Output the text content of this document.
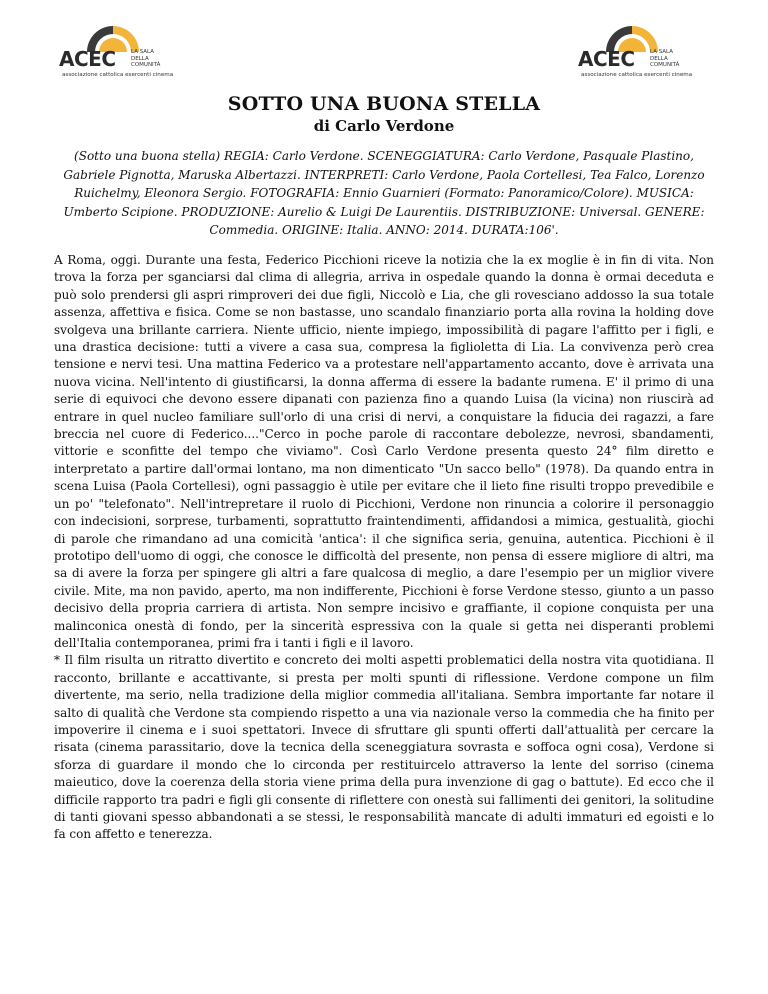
ACEC	LA SALA DELLA COMUNITÀ
associazione cattolica esercenti cinema
ACEC	LA SALA DELLA COMUNITÀ
associazione cattolica esercenti cinema
SOTTO UNA BUONA STELLA
di Carlo Verdone
(Sotto una buona stella) REGIA: Carlo Verdone. SCENEGGIATURA: Carlo Verdone, Pasquale Plastino, Gabriele Pignotta, Maruska Albertazzi. INTERPRETI: Carlo Verdone, Paola Cortellesi, Tea Falco, Lorenzo Ruichelmy, Eleonora Sergio. FOTOGRAFIA: Ennio Guarnieri (Formato: Panoramico/Colore). MUSICA: Umberto Scipione. PRODUZIONE: Aurelio & Luigi De Laurentiis. DISTRIBUZIONE: Universal. GENERE: Commedia. ORIGINE: Italia. ANNO: 2014. DURATA:106'.

A Roma, oggi. Durante una festa, Federico Picchioni riceve la notizia che la ex moglie è in fin di vita. Non trova la forza per sganciarsi dal clima di allegria, arriva in ospedale quando la donna è ormai deceduta e può solo prendersi gli aspri rimproveri dei due figli, Niccolò e Lia, che gli rovesciano addosso la sua totale assenza, affettiva e fisica. Come se non bastasse, uno scandalo finanziario porta alla rovina la holding dove svolgeva una brillante carriera. Niente ufficio, niente impiego, impossibilità di pagare l'affitto per i figli, e una drastica decisione: tutti a vivere a casa sua, compresa la figlioletta di Lia. La convivenza però crea tensione e nervi tesi. Una mattina Federico va a protestare nell'appartamento accanto, dove è arrivata una nuova vicina. Nell'intento di giustificarsi, la donna afferma di essere la badante rumena. E' il primo di una serie di equivoci che devono essere dipanati con pazienza fino a quando Luisa (la vicina) non riuscirà ad entrare in quel nucleo familiare sull'orlo di una crisi di nervi, a conquistare la fiducia dei ragazzi, a fare breccia nel cuore di Federico...."Cerco in poche parole di raccontare debolezze, nevrosi, sbandamenti, vittorie e sconfitte del tempo che viviamo". Così Carlo Verdone presenta questo 24° film diretto e interpretato a partire dall'ormai lontano, ma non dimenticato "Un sacco bello" (1978). Da quando entra in scena Luisa (Paola Cortellesi), ogni passaggio è utile per evitare che il lieto fine risulti troppo prevedibile e un po' "telefonato". Nell'intrepretare il ruolo di Picchioni, Verdone non rinuncia a colorire il personaggio con indecisioni, sorprese, turbamenti, soprattutto fraintendimenti, affidandosi a mimica, gestualità, giochi di parole che rimandano ad una comicità 'antica': il che significa seria, genuina, autentica. Picchioni è il prototipo dell'uomo di oggi, che conosce le difficoltà del presente, non pensa di essere migliore di altri, ma sa di avere la forza per spingere gli altri a fare qualcosa di meglio, a dare l'esempio per un miglior vivere civile. Mite, ma non pavido, aperto, ma non indifferente, Picchioni è forse Verdone stesso, giunto a un passo decisivo della propria carriera di artista. Non sempre incisivo e graffiante, il copione conquista per una malinconica onestà di fondo, per la sincerità espressiva con la quale si getta nei disperanti problemi dell'Italia contemporanea, primi fra i tanti i figli e il lavoro.

* Il film risulta un ritratto divertito e concreto dei molti aspetti problematici della nostra vita quotidiana. Il racconto, brillante e accattivante, si presta per molti spunti di riflessione. Verdone compone un film divertente, ma serio, nella tradizione della miglior commedia all'italiana. Sembra importante far notare il salto di qualità che Verdone sta compiendo rispetto a una via nazionale verso la commedia che ha finito per impoverire il cinema e i suoi spettatori. Invece di sfruttare gli spunti offerti dall'attualità per cercare la risata (cinema parassitario, dove la tecnica della sceneggiatura sovrasta e soffoca ogni cosa), Verdone si sforza di guardare il mondo che lo circonda per restituircelo attraverso la lente del sorriso (cinema maieutico, dove la coerenza della storia viene prima della pura invenzione di gag o battute). Ed ecco che il difficile rapporto tra padri e figli gli consente di riflettere con onestà sui fallimenti dei genitori, la solitudine di tanti giovani spesso abbandonati a se stessi, le responsabilità mancate di adulti immaturi ed egoisti e lo fa con affetto e tenerezza.
